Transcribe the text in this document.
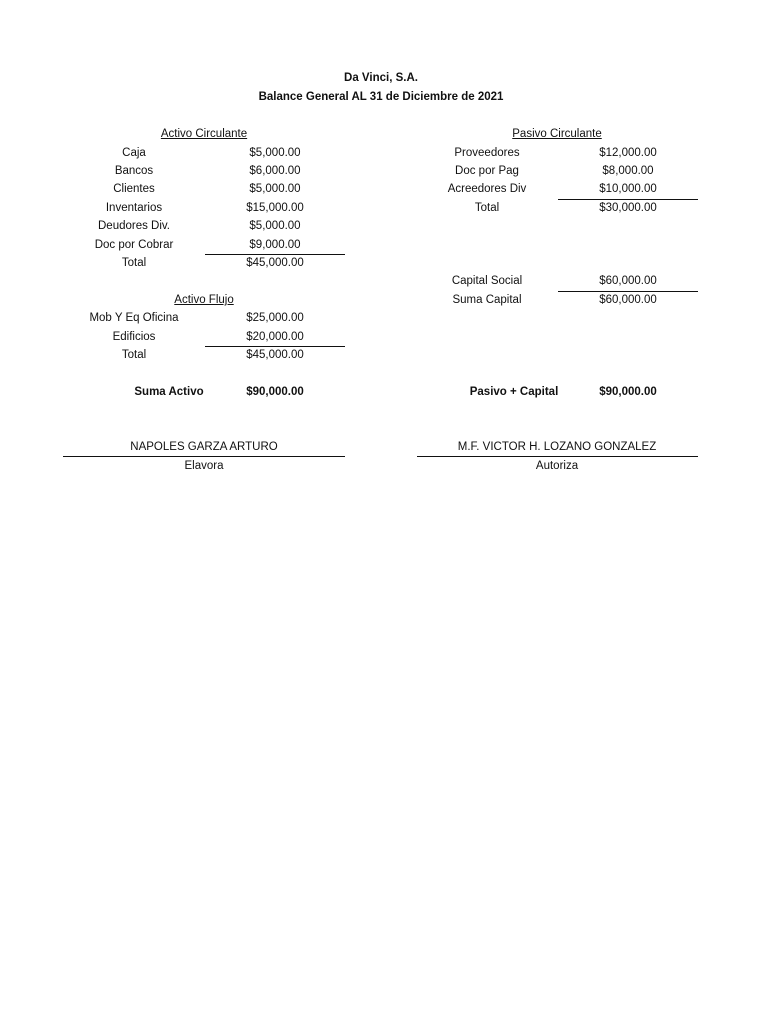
Da Vinci, S.A.
Balance General AL 31 de Diciembre de 2021
Activo Circulante
Caja	$5,000.00
Bancos	$6,000.00
Clientes	$5,000.00
Inventarios	$15,000.00
Deudores Div.	$5,000.00
Doc por Cobrar	$9,000.00
Total	$45,000.00
Activo Flujo
Mob Y Eq Oficina	$25,000.00
Edificios	$20,000.00
Total	$45,000.00
Suma Activo	$90,000.00
Pasivo Circulante
Proveedores	$12,000.00
Doc por Pag	$8,000.00
Acreedores Div	$10,000.00
Total	$30,000.00
Capital Social	$60,000.00
Suma Capital	$60,000.00
Pasivo + Capital	$90,000.00
NAPOLES GARZA ARTURO
Elavora
M.F. VICTOR H. LOZANO GONZALEZ
Autoriza
